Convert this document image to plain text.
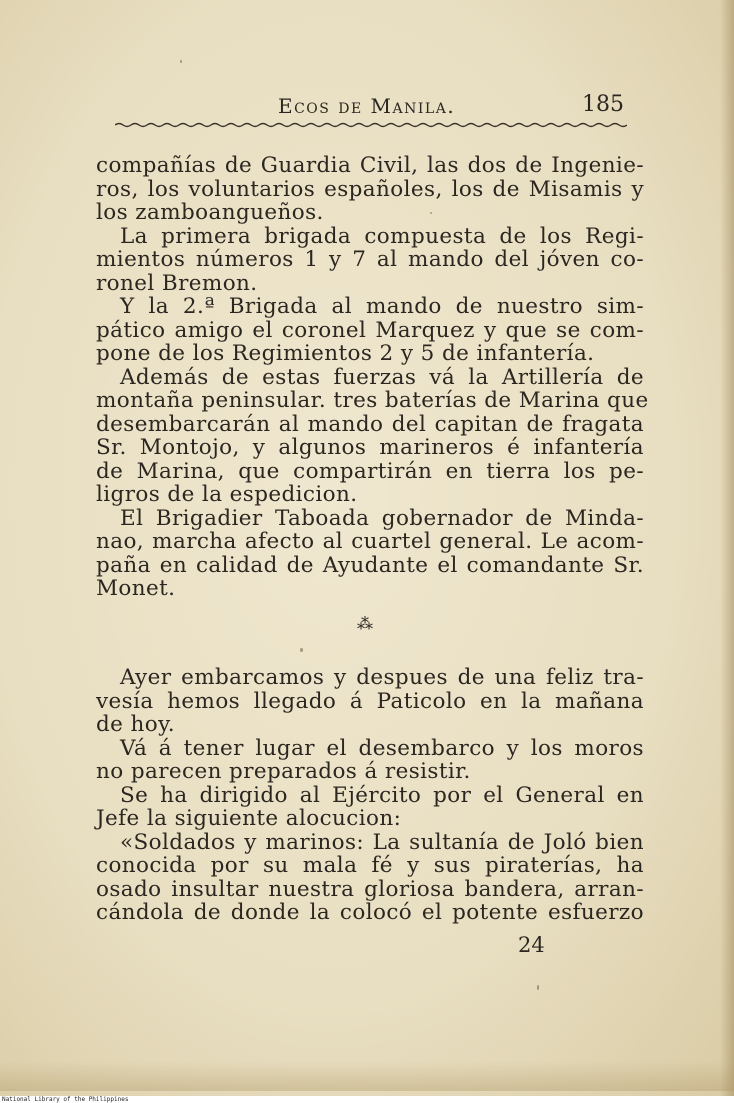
Ecos de Manila.	185
compañías de Guardia Civil, las dos de Ingenie-
ros, los voluntarios españoles, los de Misamis y
los zamboangueños.
La primera brigada compuesta de los Regi-
mientos números 1 y 7 al mando del jóven co-
ronel Bremon.
Y la 2.ª Brigada al mando de nuestro sim-
pático amigo el coronel Marquez y que se com-
pone de los Regimientos 2 y 5 de infantería.
Además de estas fuerzas vá la Artillería de
montaña peninsular. tres baterías de Marina que
desembarcarán al mando del capitan de fragata
Sr. Montojo, y algunos marineros é infantería
de Marina, que compartirán en tierra los pe-
ligros de la espedicion.
El Brigadier Taboada gobernador de Minda-
nao, marcha afecto al cuartel general. Le acom-
paña en calidad de Ayudante el comandante Sr.
Monet.
⁂
Ayer embarcamos y despues de una feliz tra-
vesía hemos llegado á Paticolo en la mañana
de hoy.
Vá á tener lugar el desembarco y los moros
no parecen preparados á resistir.
Se ha dirigido al Ejército por el General en
Jefe la siguiente alocucion:
«Soldados y marinos: La sultanía de Joló bien
conocida por su mala fé y sus piraterías, ha
osado insultar nuestra gloriosa bandera, arran-
cándola de donde la colocó el potente esfuerzo
24
National Library of the Philippines
